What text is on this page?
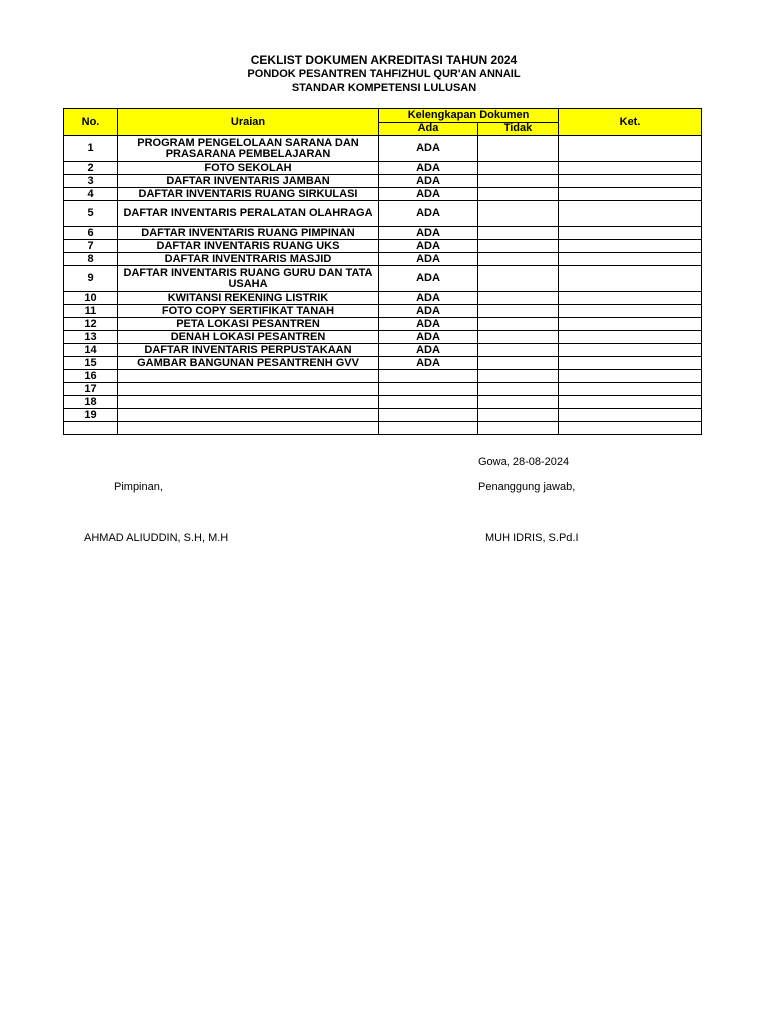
CEKLIST DOKUMEN AKREDITASI TAHUN 2024
PONDOK PESANTREN TAHFIZHUL QUR'AN ANNAIL
STANDAR KOMPETENSI LULUSAN
No.	Uraian	Kelengkapan Dokumen		Ket.
		Ada	Tidak	
1	PROGRAM PENGELOLAAN SARANA DAN PRASARANA PEMBELAJARAN	ADA		
2	FOTO SEKOLAH	ADA		
3	DAFTAR INVENTARIS JAMBAN	ADA		
4	DAFTAR INVENTARIS RUANG SIRKULASI	ADA		
5	DAFTAR INVENTARIS PERALATAN OLAHRAGA	ADA		
6	DAFTAR INVENTARIS RUANG PIMPINAN	ADA		
7	DAFTAR INVENTARIS RUANG UKS	ADA		
8	DAFTAR INVENTRARIS MASJID	ADA		
9	DAFTAR INVENTARIS RUANG GURU DAN TATA USAHA	ADA		
10	KWITANSI REKENING LISTRIK	ADA		
11	FOTO COPY SERTIFIKAT TANAH	ADA		
12	PETA LOKASI PESANTREN	ADA		
13	DENAH LOKASI PESANTREN	ADA		
14	DAFTAR INVENTARIS PERPUSTAKAAN	ADA		
15	GAMBAR BANGUNAN PESANTRENH GVV	ADA		
16				
17				
18				
19				

Gowa, 28-08-2024
Pimpinan,	Penanggung jawab,
AHMAD ALIUDDIN, S.H, M.H	MUH IDRIS, S.Pd.I
